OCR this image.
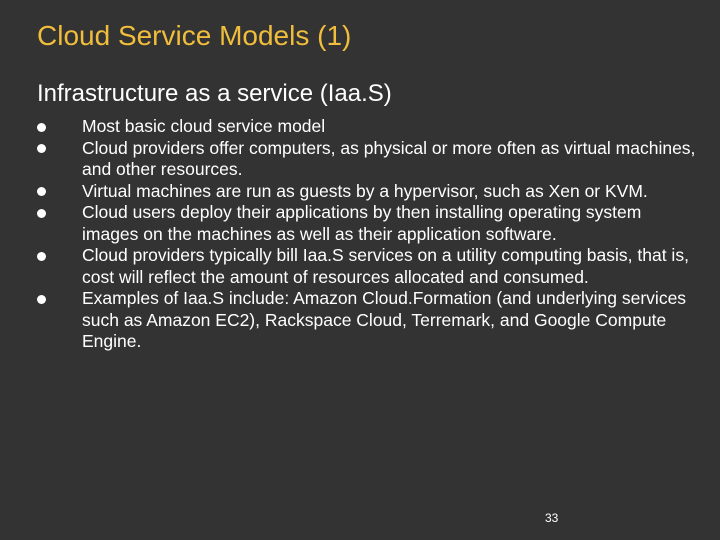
Cloud Service Models (1)
Infrastructure as a service (Iaa.S)
Most basic cloud service model
Cloud providers offer computers, as physical or more often as virtual machines, and other resources.
Virtual machines are run as guests by a hypervisor, such as Xen or KVM.
Cloud users deploy their applications by then installing operating system images on the machines as well as their application software.
Cloud providers typically bill Iaa.S services on a utility computing basis, that is, cost will reflect the amount of resources allocated and consumed.
Examples of Iaa.S include: Amazon Cloud.Formation (and underlying services such as Amazon EC2), Rackspace Cloud, Terremark, and Google Compute Engine.
33
